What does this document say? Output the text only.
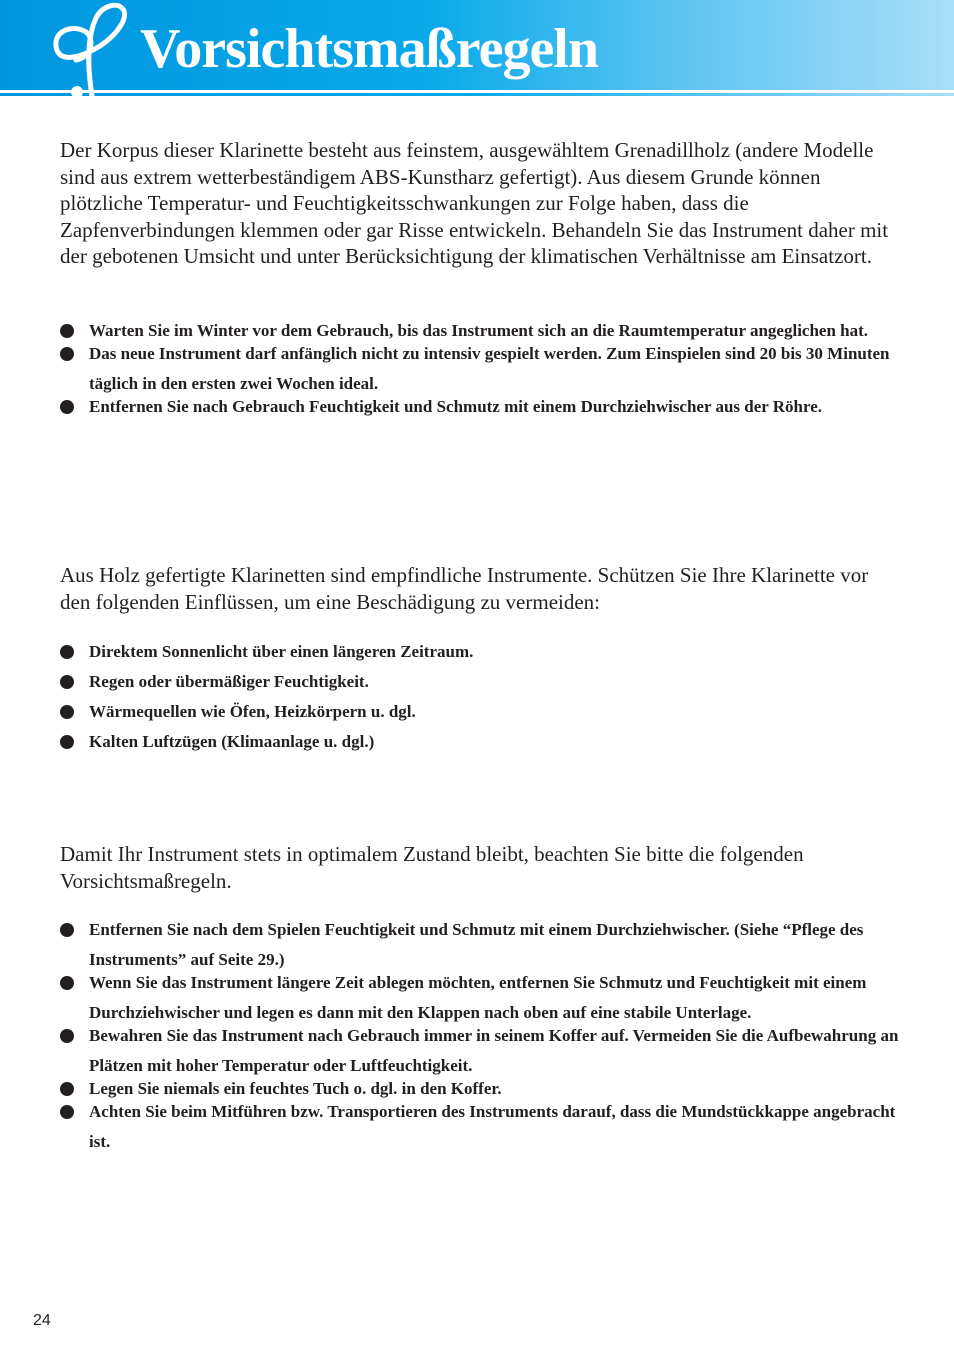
Vorsichtsmaßregeln

Der Korpus dieser Klarinette besteht aus feinstem, ausgewähltem Grenadillholz (andere Modelle sind aus extrem wetterbeständigem ABS-Kunstharz gefertigt). Aus diesem Grunde können plötzliche Temperatur- und Feuchtigkeitsschwankungen zur Folge haben, dass die Zapfenverbindungen klemmen oder gar Risse entwickeln. Behandeln Sie das Instrument daher mit der gebotenen Umsicht und unter Berücksichtigung der klimatischen Verhältnisse am Einsatzort.

Warten Sie im Winter vor dem Gebrauch, bis das Instrument sich an die Raumtemperatur angeglichen hat.
Das neue Instrument darf anfänglich nicht zu intensiv gespielt werden. Zum Einspielen sind 20 bis 30 Minuten täglich in den ersten zwei Wochen ideal.
Entfernen Sie nach Gebrauch Feuchtigkeit und Schmutz mit einem Durchziehwischer aus der Röhre.

Aus Holz gefertigte Klarinetten sind empfindliche Instrumente. Schützen Sie Ihre Klarinette vor den folgenden Einflüssen, um eine Beschädigung zu vermeiden:

Direktem Sonnenlicht über einen längeren Zeitraum.
Regen oder übermäßiger Feuchtigkeit.
Wärmequellen wie Öfen, Heizkörpern u. dgl.
Kalten Luftzügen (Klimaanlage u. dgl.)

Damit Ihr Instrument stets in optimalem Zustand bleibt, beachten Sie bitte die folgenden Vorsichtsmaßregeln.

Entfernen Sie nach dem Spielen Feuchtigkeit und Schmutz mit einem Durchziehwischer. (Siehe “Pflege des Instruments” auf Seite 29.)
Wenn Sie das Instrument längere Zeit ablegen möchten, entfernen Sie Schmutz und Feuchtigkeit mit einem Durchziehwischer und legen es dann mit den Klappen nach oben auf eine stabile Unterlage.
Bewahren Sie das Instrument nach Gebrauch immer in seinem Koffer auf. Vermeiden Sie die Aufbewahrung an Plätzen mit hoher Temperatur oder Luftfeuchtigkeit.
Legen Sie niemals ein feuchtes Tuch o. dgl. in den Koffer.
Achten Sie beim Mitführen bzw. Transportieren des Instruments darauf, dass die Mundstückkappe angebracht ist.
24
